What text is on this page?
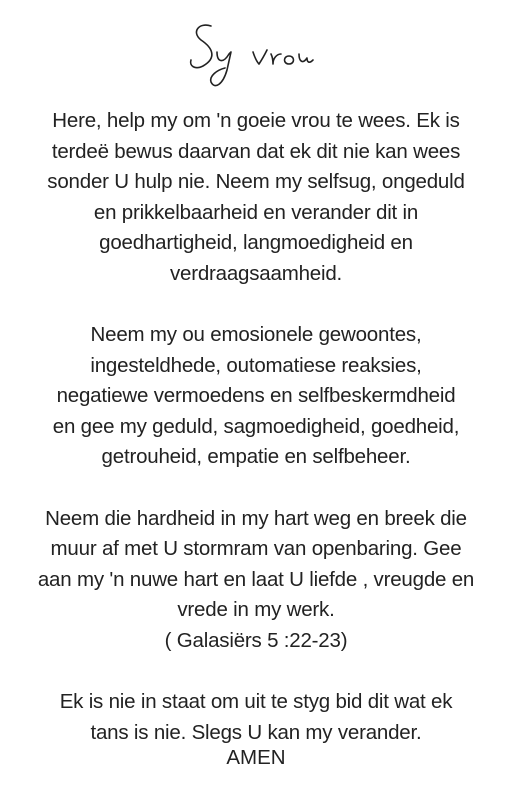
Here, help my om 'n goeie vrou te wees. Ek is
terdeë bewus daarvan dat ek dit nie kan wees
sonder U hulp nie. Neem my selfsug, ongeduld
en prikkelbaarheid en verander dit in
goedhartigheid, langmoedigheid en
verdraagsaamheid.
Neem my ou emosionele gewoontes,
ingesteldhede, outomatiese reaksies,
negatiewe vermoedens en selfbeskermdheid
en gee my geduld, sagmoedigheid, goedheid,
getrouheid, empatie en selfbeheer.
Neem die hardheid in my hart weg en breek die
muur af met U stormram van openbaring. Gee
aan my 'n nuwe hart en laat U liefde , vreugde en
vrede in my werk.
( Galasiërs 5 :22-23)
Ek is nie in staat om uit te styg bid dit wat ek
tans is nie. Slegs U kan my verander.
AMEN
